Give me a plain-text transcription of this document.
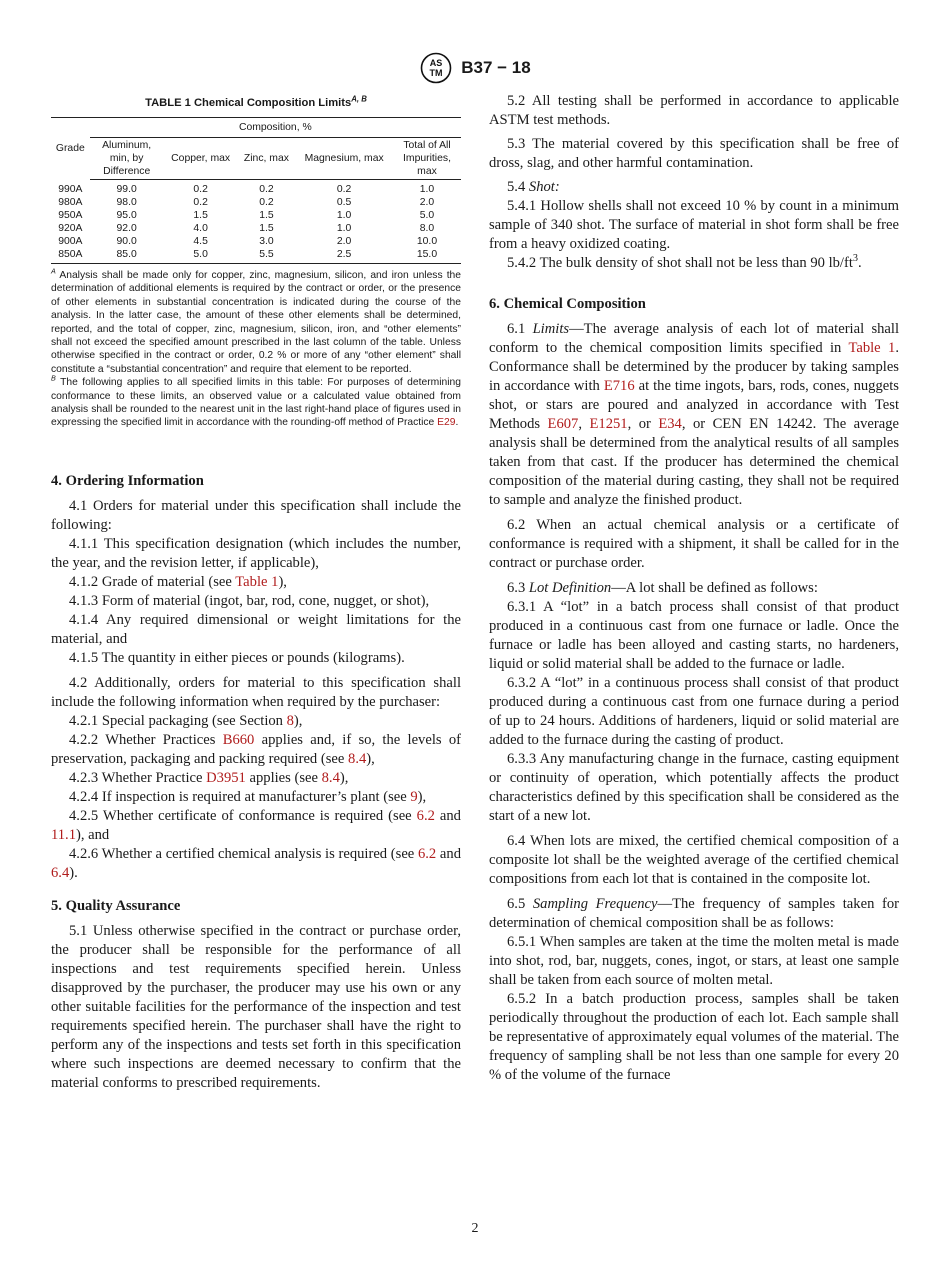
AS
TM B37 − 18
TABLE 1 Chemical Composition Limits$^{A, B}$
Grade	Composition, %				
	Aluminum, min, by Difference	Copper, max	Zinc, max	Magnesium, max	Total of All Impurities, max
990A	99.0	0.2	0.2	0.2	1.0
980A	98.0	0.2	0.2	0.5	2.0
950A	95.0	1.5	1.5	1.0	5.0
920A	92.0	4.0	1.5	1.0	8.0
900A	90.0	4.5	3.0	2.0	10.0
850A	85.0	5.0	5.5	2.5	15.0

$^A$ Analysis shall be made only for copper, zinc, magnesium, silicon, and iron unless the determination of additional elements is required by the contract or order, or the presence of other elements in substantial concentration is indicated during the course of the analysis. In the latter case, the amount of these other elements shall be determined, reported, and the total of copper, zinc, magnesium, silicon, iron, and “other elements” shall not exceed the specified amount prescribed in the last column of the table. Unless otherwise specified in the contract or order, 0.2 % or more of any “other element” shall constitute a “substantial concentration” and require that element to be reported.

$^B$ The following applies to all specified limits in this table: For purposes of determining conformance to these limits, an observed value or a calculated value obtained from analysis shall be rounded to the nearest unit in the last right-hand place of figures used in expressing the specified limit in accordance with the rounding-off method of Practice E29.

4. Ordering Information

4.1 Orders for material under this specification shall include the following:

4.1.1 This specification designation (which includes the number, the year, and the revision letter, if applicable),

4.1.2 Grade of material (see Table 1),

4.1.3 Form of material (ingot, bar, rod, cone, nugget, or shot),

4.1.4 Any required dimensional or weight limitations for the material, and

4.1.5 The quantity in either pieces or pounds (kilograms).

4.2 Additionally, orders for material to this specification shall include the following information when required by the purchaser:

4.2.1 Special packaging (see Section 8),

4.2.2 Whether Practices B660 applies and, if so, the levels of preservation, packaging and packing required (see 8.4),

4.2.3 Whether Practice D3951 applies (see 8.4),

4.2.4 If inspection is required at manufacturer’s plant (see 9),

4.2.5 Whether certificate of conformance is required (see 6.2 and 11.1), and

4.2.6 Whether a certified chemical analysis is required (see 6.2 and 6.4).

5. Quality Assurance

5.1 Unless otherwise specified in the contract or purchase order, the producer shall be responsible for the performance of all inspections and test requirements specified herein. Unless disapproved by the purchaser, the producer may use his own or any other suitable facilities for the performance of the inspection and test requirements specified herein. The purchaser shall have the right to perform any of the inspections and tests set forth in this specification where such inspections are deemed necessary to confirm that the material conforms to prescribed requirements.

5.2 All testing shall be performed in accordance to applicable ASTM test methods.

5.3 The material covered by this specification shall be free of dross, slag, and other harmful contamination.

5.4 Shot:

5.4.1 Hollow shells shall not exceed 10 % by count in a minimum sample of 340 shot. The surface of material in shot form shall be free from a heavy oxidized coating.

5.4.2 The bulk density of shot shall not be less than 90 $lb/ft^3$.

6. Chemical Composition

6.1 Limits—The average analysis of each lot of material shall conform to the chemical composition limits specified in Table 1. Conformance shall be determined by the producer by taking samples in accordance with E716 at the time ingots, bars, rods, cones, nuggets shot, or stars are poured and analyzed in accordance with Test Methods E607, E1251, or E34, or CEN EN 14242. The average analysis shall be determined from the analytical results of all samples taken from that cast. If the producer has determined the chemical composition of the material during casting, they shall not be required to sample and analyze the finished product.

6.2 When an actual chemical analysis or a certificate of conformance is required with a shipment, it shall be called for in the contract or purchase order.

6.3 Lot Definition—A lot shall be defined as follows:

6.3.1 A “lot” in a batch process shall consist of that product produced in a continuous cast from one furnace or ladle. Once the furnace or ladle has been alloyed and casting starts, no hardeners, liquid or solid material shall be added to the furnace or ladle.

6.3.2 A “lot” in a continuous process shall consist of that product produced during a continuous cast from one furnace during a period of up to 24 hours. Additions of hardeners, liquid or solid material are added to the furnace during the casting of product.

6.3.3 Any manufacturing change in the furnace, casting equipment or continuity of operation, which potentially affects the product characteristics defined by this specification shall be considered as the start of a new lot.

6.4 When lots are mixed, the certified chemical composition of a composite lot shall be the weighted average of the certified chemical compositions from each lot that is contained in the composite lot.

6.5 Sampling Frequency—The frequency of samples taken for determination of chemical composition shall be as follows:

6.5.1 When samples are taken at the time the molten metal is made into shot, rod, bar, nuggets, cones, ingot, or stars, at least one sample shall be taken from each source of molten metal.

6.5.2 In a batch production process, samples shall be taken periodically throughout the production of each lot. Each sample shall be representative of approximately equal volumes of the material. The frequency of sampling shall be not less than one sample for every 20 % of the volume of the furnace

2
